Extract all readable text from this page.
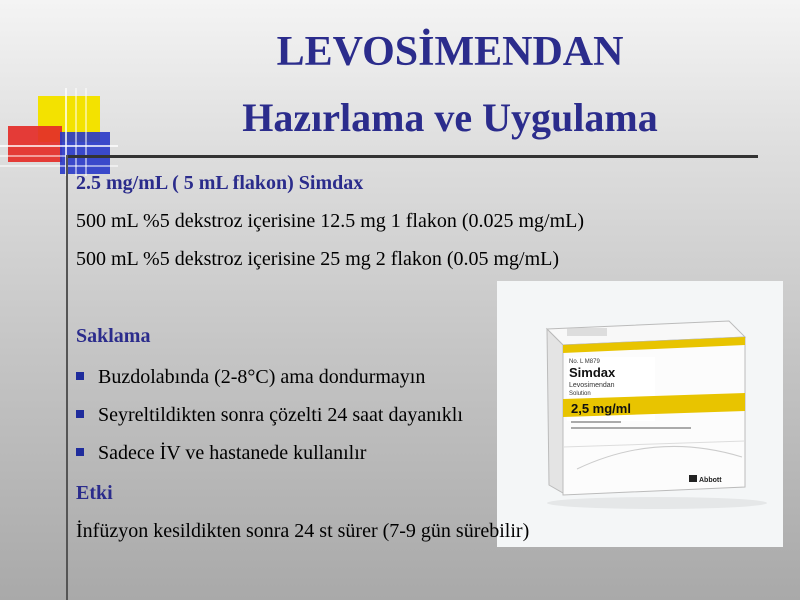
LEVOSİMENDAN
Hazırlama ve Uygulama
2.5 mg/mL ( 5 mL flakon) Simdax
500 mL %5 dekstroz içerisine 12.5 mg 1 flakon (0.025 mg/mL)
500 mL %5 dekstroz içerisine 25 mg 2 flakon (0.05 mg/mL)
Saklama
Buzdolabında (2-8°C) ama dondurmayın
Seyreltildikten sonra çözelti 24 saat dayanıklı
Sadece İV ve hastanede kullanılır
Etki
No. L M879
Simdax
Levosimendan
Solution
2,5 mg/ml
Abbott
İnfüzyon kesildikten sonra 24 st sürer (7-9 gün sürebilir)
